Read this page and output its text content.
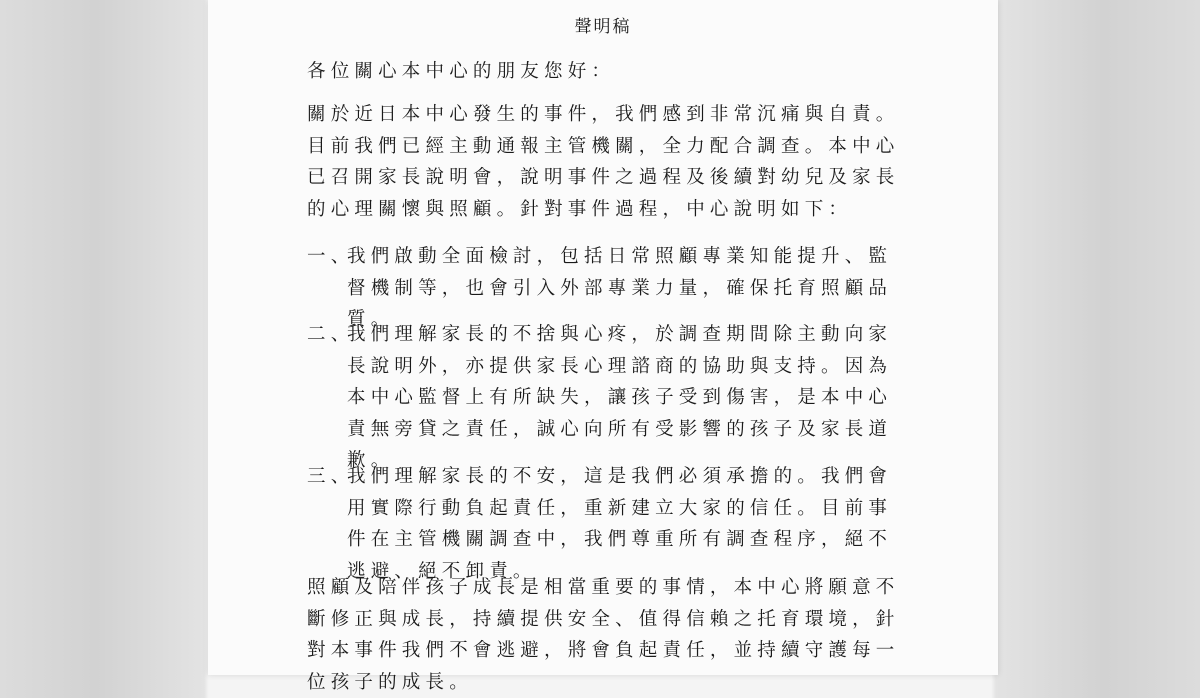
聲明稿

各位關心本中心的朋友您好：

關於近日本中心發生的事件，我們感到非常沉痛與自責。目前我們已經主動通報主管機關，全力配合調查。本中心已召開家長說明會，說明事件之過程及後續對幼兒及家長的心理關懷與照顧。針對事件過程，中心說明如下：

一、
我們啟動全面檢討，包括日常照顧專業知能提升、監督機制等，也會引入外部專業力量，確保托育照顧品質。
二、
我們理解家長的不捨與心疼，於調查期間除主動向家長說明外，亦提供家長心理諮商的協助與支持。因為本中心監督上有所缺失，讓孩子受到傷害，是本中心責無旁貸之責任，誠心向所有受影響的孩子及家長道歉。
三、
我們理解家長的不安，這是我們必須承擔的。我們會用實際行動負起責任，重新建立大家的信任。目前事件在主管機關調查中，我們尊重所有調查程序，絕不逃避、絕不卸責。

照顧及陪伴孩子成長是相當重要的事情，本中心將願意不斷修正與成長，持續提供安全、值得信賴之托育環境，針對本事件我們不會逃避，將會負起責任，並持續守護每一位孩子的成長。
